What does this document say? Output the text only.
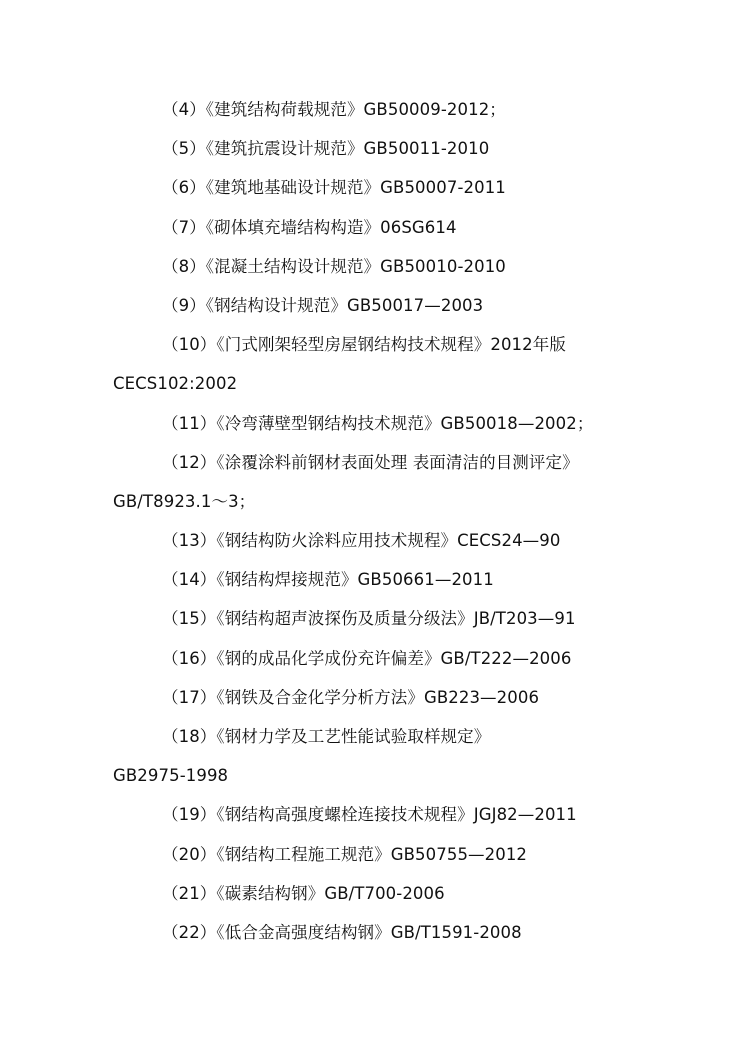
（4）《建筑结构荷载规范》GB50009-2012；
（5）《建筑抗震设计规范》GB50011-2010
（6）《建筑地基础设计规范》GB50007-2011
（7）《砌体填充墙结构构造》06SG614
（8）《混凝土结构设计规范》GB50010-2010
（9）《钢结构设计规范》GB50017—2003
（10）《门式刚架轻型房屋钢结构技术规程》2012年版
CECS102:2002
（11）《冷弯薄壁型钢结构技术规范》GB50018—2002；
（12）《涂覆涂料前钢材表面处理 表面清洁的目测评定》
GB/T8923.1～3；
（13）《钢结构防火涂料应用技术规程》CECS24—90
（14）《钢结构焊接规范》GB50661—2011
（15）《钢结构超声波探伤及质量分级法》JB/T203—91
（16）《钢的成品化学成份充许偏差》GB/T222—2006
（17）《钢铁及合金化学分析方法》GB223—2006
（18）《钢材力学及工艺性能试验取样规定》
GB2975-1998
（19）《钢结构高强度螺栓连接技术规程》JGJ82—2011
（20）《钢结构工程施工规范》GB50755—2012
（21）《碳素结构钢》GB/T700-2006
（22）《低合金高强度结构钢》GB/T1591-2008
